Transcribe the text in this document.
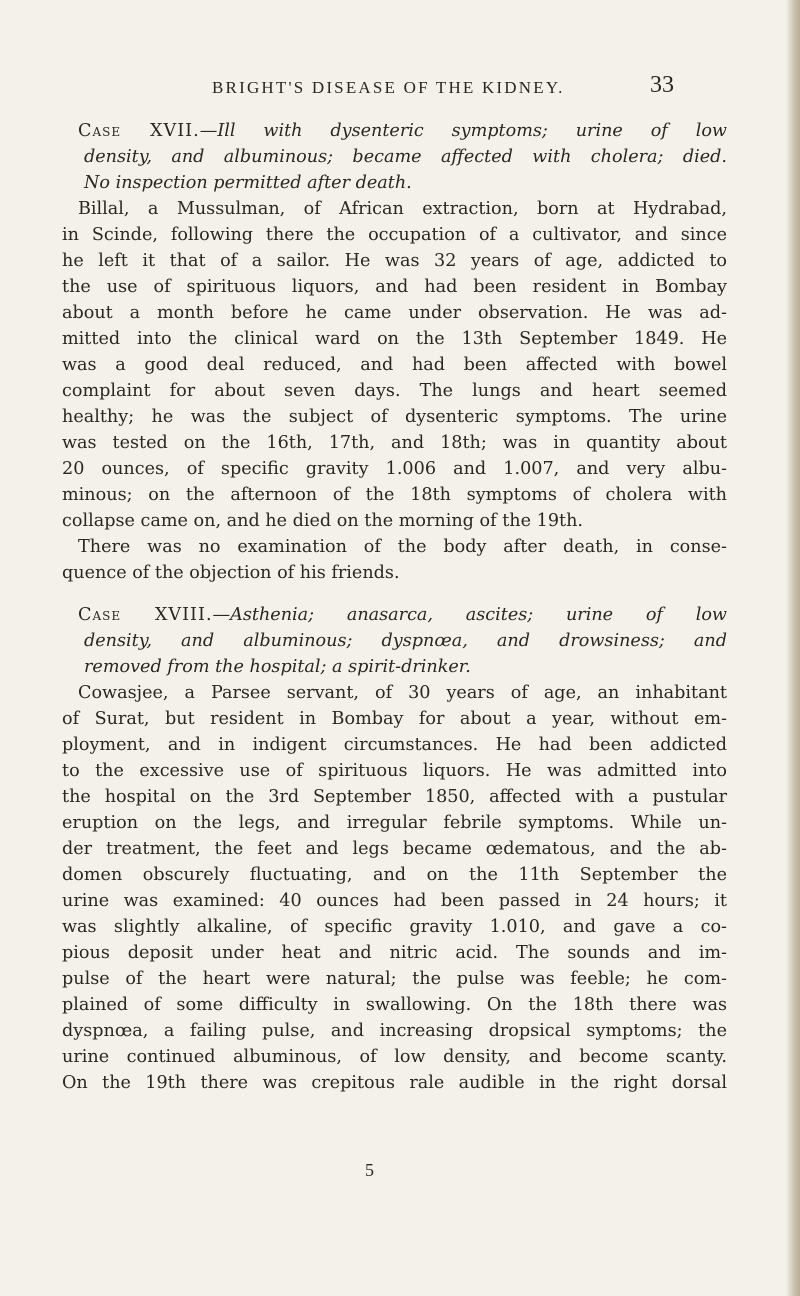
BRIGHT'S DISEASE OF THE KIDNEY.	33
Case XVII.—Ill with dysenteric symptoms; urine of low
density, and albuminous; became affected with cholera; died.
No inspection permitted after death.
Billal, a Mussulman, of African extraction, born at Hydrabad,
in Scinde, following there the occupation of a cultivator, and since
he left it that of a sailor. He was 32 years of age, addicted to
the use of spirituous liquors, and had been resident in Bombay
about a month before he came under observation. He was ad-
mitted into the clinical ward on the 13th September 1849. He
was a good deal reduced, and had been affected with bowel
complaint for about seven days. The lungs and heart seemed
healthy; he was the subject of dysenteric symptoms. The urine
was tested on the 16th, 17th, and 18th; was in quantity about
20 ounces, of specific gravity 1.006 and 1.007, and very albu-
minous; on the afternoon of the 18th symptoms of cholera with
collapse came on, and he died on the morning of the 19th.
There was no examination of the body after death, in conse-
quence of the objection of his friends.
Case XVIII.—Asthenia; anasarca, ascites; urine of low
density, and albuminous; dyspnœa, and drowsiness; and
removed from the hospital; a spirit-drinker.
Cowasjee, a Parsee servant, of 30 years of age, an inhabitant
of Surat, but resident in Bombay for about a year, without em-
ployment, and in indigent circumstances. He had been addicted
to the excessive use of spirituous liquors. He was admitted into
the hospital on the 3rd September 1850, affected with a pustular
eruption on the legs, and irregular febrile symptoms. While un-
der treatment, the feet and legs became œdematous, and the ab-
domen obscurely fluctuating, and on the 11th September the
urine was examined: 40 ounces had been passed in 24 hours; it
was slightly alkaline, of specific gravity 1.010, and gave a co-
pious deposit under heat and nitric acid. The sounds and im-
pulse of the heart were natural; the pulse was feeble; he com-
plained of some difficulty in swallowing. On the 18th there was
dyspnœa, a failing pulse, and increasing dropsical symptoms; the
urine continued albuminous, of low density, and become scanty.
On the 19th there was crepitous rale audible in the right dorsal
5
